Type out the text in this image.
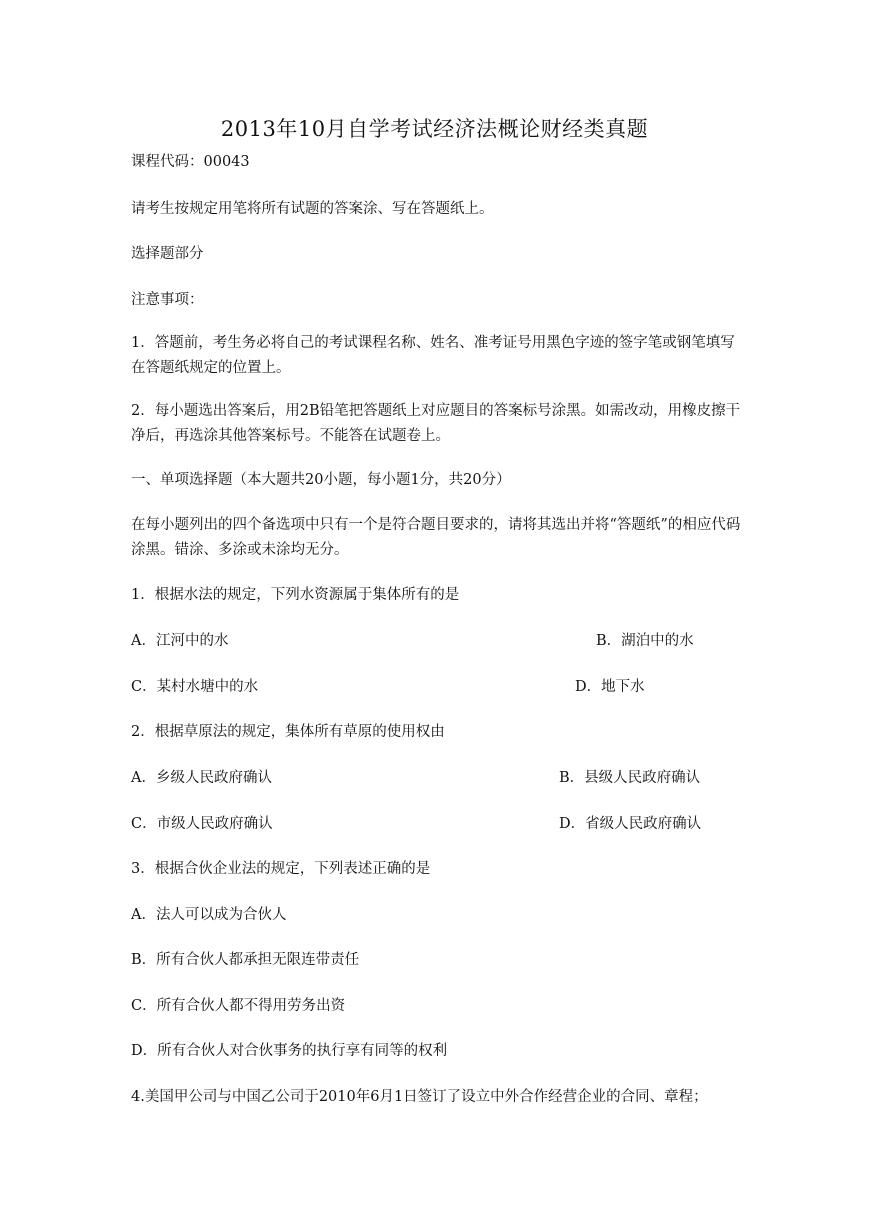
2013年10月自学考试经济法概论财经类真题
课程代码：00043
请考生按规定用笔将所有试题的答案涂、写在答题纸上。
选择题部分
注意事项：
1．答题前，考生务必将自己的考试课程名称、姓名、准考证号用黑色字迹的签字笔或钢笔填写在答题纸规定的位置上。
2．每小题选出答案后，用2B铅笔把答题纸上对应题目的答案标号涂黑。如需改动，用橡皮擦干净后，再选涂其他答案标号。不能答在试题卷上。
一、单项选择题（本大题共20小题，每小题1分，共20分）
在每小题列出的四个备选项中只有一个是符合题目要求的，请将其选出并将“答题纸”的相应代码涂黑。错涂、多涂或未涂均无分。
1．根据水法的规定，下列水资源属于集体所有的是
A．江河中的水	B．湖泊中的水
C．某村水塘中的水	D．地下水
2．根据草原法的规定，集体所有草原的使用权由
A．乡级人民政府确认	B．县级人民政府确认
C．市级人民政府确认	D．省级人民政府确认
3．根据合伙企业法的规定，下列表述正确的是
A．法人可以成为合伙人
B．所有合伙人都承担无限连带责任
C．所有合伙人都不得用劳务出资
D．所有合伙人对合伙事务的执行享有同等的权利
4.美国甲公司与中国乙公司于2010年6月1日签订了设立中外合作经营企业的合同、章程；
